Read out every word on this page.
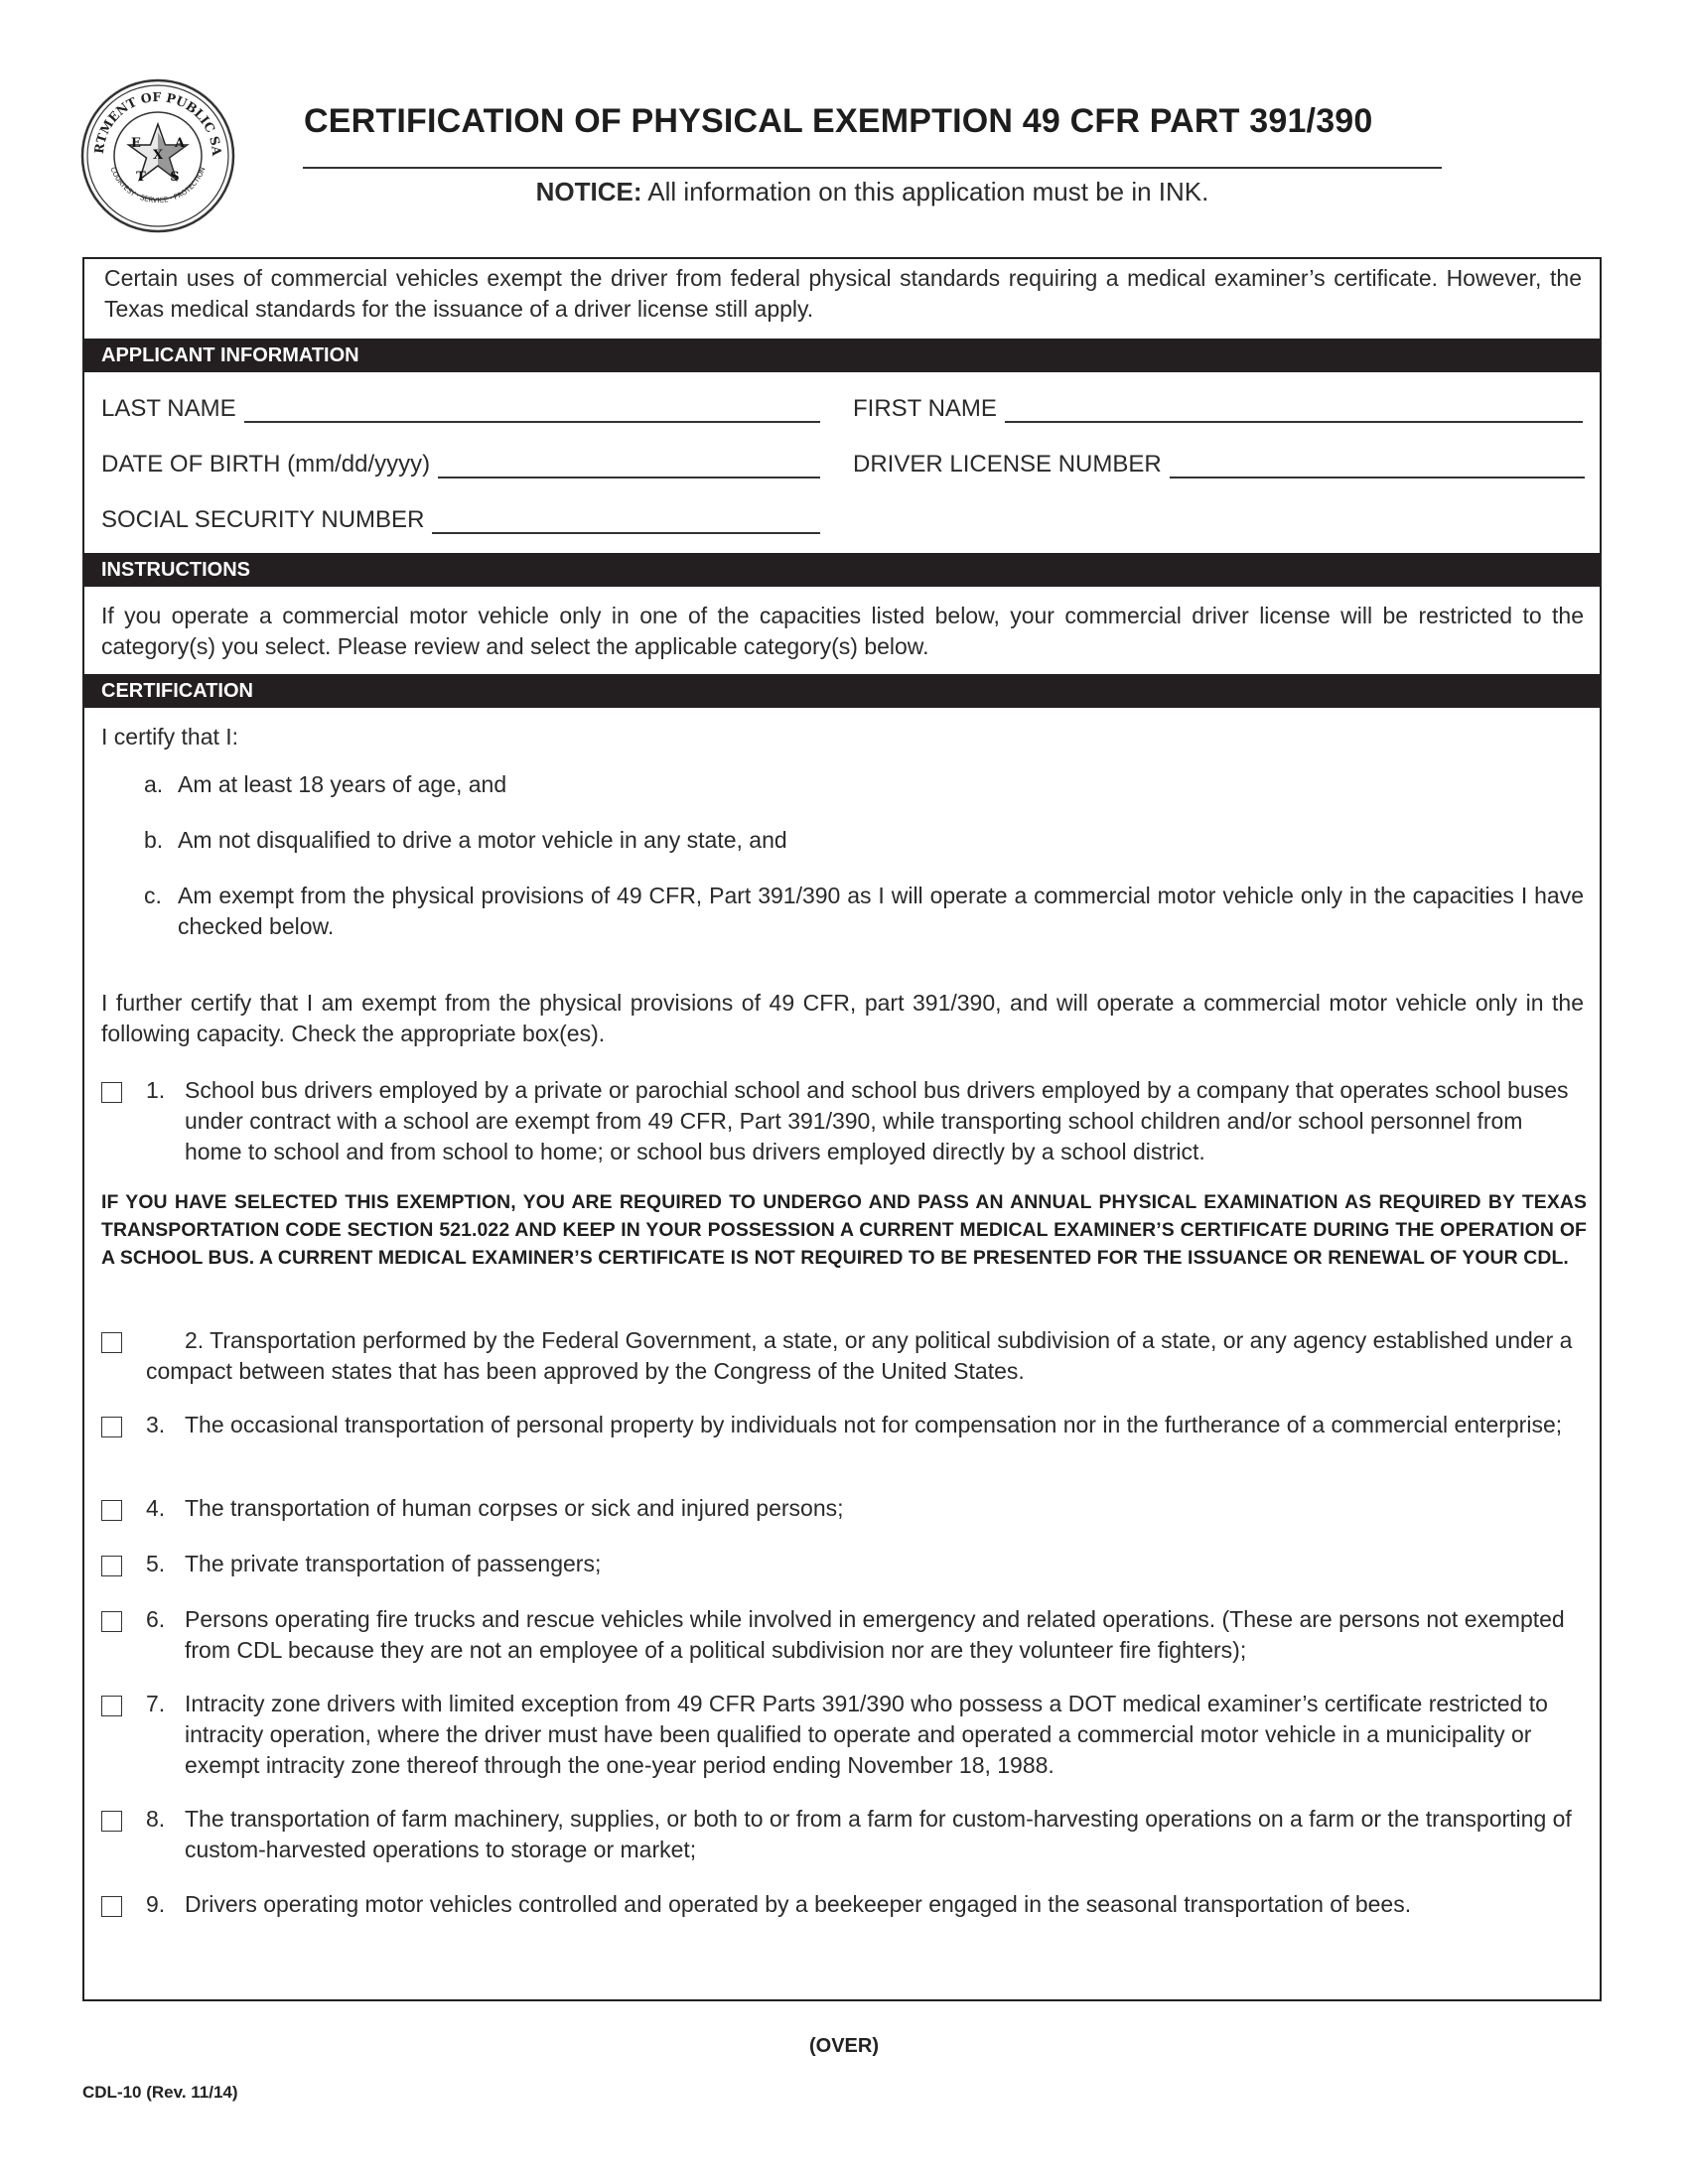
RTMENT OF PUBLIC SA
COURTESY · SERVICE · PROTECTION
X
E	A
T S
CERTIFICATION OF PHYSICAL EXEMPTION 49 CFR PART 391/390
NOTICE: All information on this application must be in INK.
Certain uses of commercial vehicles exempt the driver from federal physical standards requiring a medical examiner’s certificate. However, the Texas medical standards for the issuance of a driver license still apply.
APPLICANT INFORMATION
LAST NAME	FIRST NAME
DATE OF BIRTH (mm/dd/yyyy)	DRIVER LICENSE NUMBER
SOCIAL SECURITY NUMBER
INSTRUCTIONS
If you operate a commercial motor vehicle only in one of the capacities listed below, your commercial driver license will be restricted to the category(s) you select. Please review and select the applicable category(s) below.
CERTIFICATION
I certify that I:
a. Am at least 18 years of age, and
b. Am not disqualified to drive a motor vehicle in any state, and
c. Am exempt from the physical provisions of 49 CFR, Part 391/390 as I will operate a commercial motor vehicle only in the capacities I have checked below.
I further certify that I am exempt from the physical provisions of 49 CFR, part 391/390, and will operate a commercial motor vehicle only in the following capacity. Check the appropriate box(es).
1. School bus drivers employed by a private or parochial school and school bus drivers employed by a company that operates school buses under contract with a school are exempt from 49 CFR, Part 391/390, while transporting school children and/or school personnel from home to school and from school to home; or school bus drivers employed directly by a school district.
IF YOU HAVE SELECTED THIS EXEMPTION, YOU ARE REQUIRED TO UNDERGO AND PASS AN ANNUAL PHYSICAL EXAMINATION AS REQUIRED BY TEXAS TRANSPORTATION CODE SECTION 521.022 AND KEEP IN YOUR POSSESSION A CURRENT MEDICAL EXAMINER’S CERTIFICATE DURING THE OPERATION OF A SCHOOL BUS. A CURRENT MEDICAL EXAMINER’S CERTIFICATE IS NOT REQUIRED TO BE PRESENTED FOR THE ISSUANCE OR RENEWAL OF YOUR CDL.
2. Transportation performed by the Federal Government, a state, or any political subdivision of a state, or any agency established under a compact between states that has been approved by the Congress of the United States.
3. The occasional transportation of personal property by individuals not for compensation nor in the furtherance of a commercial enterprise;
4. The transportation of human corpses or sick and injured persons;
5. The private transportation of passengers;
6. Persons operating fire trucks and rescue vehicles while involved in emergency and related operations. (These are persons not exempted from CDL because they are not an employee of a political subdivision nor are they volunteer fire fighters);
7. Intracity zone drivers with limited exception from 49 CFR Parts 391/390 who possess a DOT medical examiner’s certificate restricted to intracity operation, where the driver must have been qualified to operate and operated a commercial motor vehicle in a municipality or exempt intracity zone thereof through the one-year period ending November 18, 1988.
8. The transportation of farm machinery, supplies, or both to or from a farm for custom-harvesting operations on a farm or the transporting of custom-harvested operations to storage or market;
9. Drivers operating motor vehicles controlled and operated by a beekeeper engaged in the seasonal transportation of bees.
(OVER)
CDL-10 (Rev. 11/14)
